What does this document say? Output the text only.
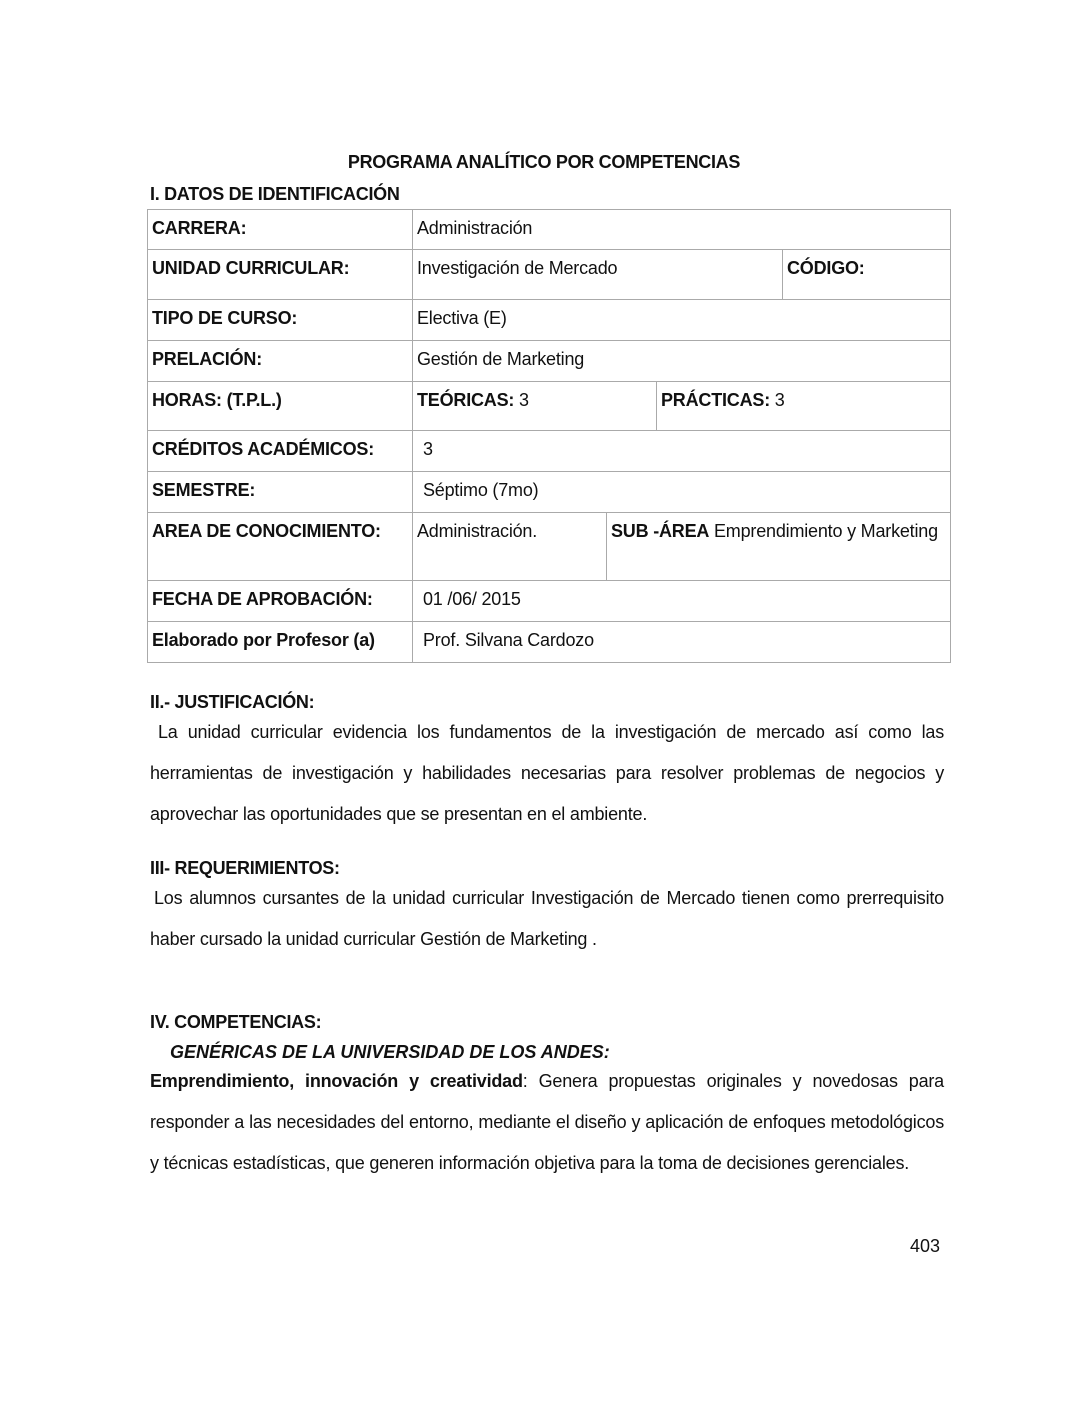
PROGRAMA ANALÍTICO POR COMPETENCIAS
I. DATOS DE IDENTIFICACIÓN
CARRERA:	Administración
UNIDAD CURRICULAR:	Investigación de Mercado	CÓDIGO:
TIPO DE CURSO:	Electiva (E)
PRELACIÓN:	Gestión de Marketing
HORAS: (T.P.L.)	TEÓRICAS: 3	PRÁCTICAS: 3
CRÉDITOS ACADÉMICOS:	3
SEMESTRE:	Séptimo (7mo)
AREA DE CONOCIMIENTO:	Administración.	SUB -ÁREA Emprendimiento y Marketing
FECHA DE APROBACIÓN:	01 /06/ 2015
Elaborado por Profesor (a)	Prof. Silvana Cardozo
II.- JUSTIFICACIÓN:
La unidad curricular evidencia los fundamentos de la investigación de mercado así como las herramientas de investigación y habilidades necesarias para resolver problemas de negocios y aprovechar las oportunidades que se presentan en el ambiente.
III- REQUERIMIENTOS:
Los alumnos cursantes de la unidad curricular Investigación de Mercado tienen como prerrequisito haber cursado la unidad curricular Gestión de Marketing .
IV. COMPETENCIAS:
GENÉRICAS DE LA UNIVERSIDAD DE LOS ANDES:
Emprendimiento, innovación y creatividad: Genera propuestas originales y novedosas para responder a las necesidades del entorno, mediante el diseño y aplicación de enfoques metodológicos y técnicas estadísticas, que generen información objetiva para la toma de decisiones gerenciales.
403
